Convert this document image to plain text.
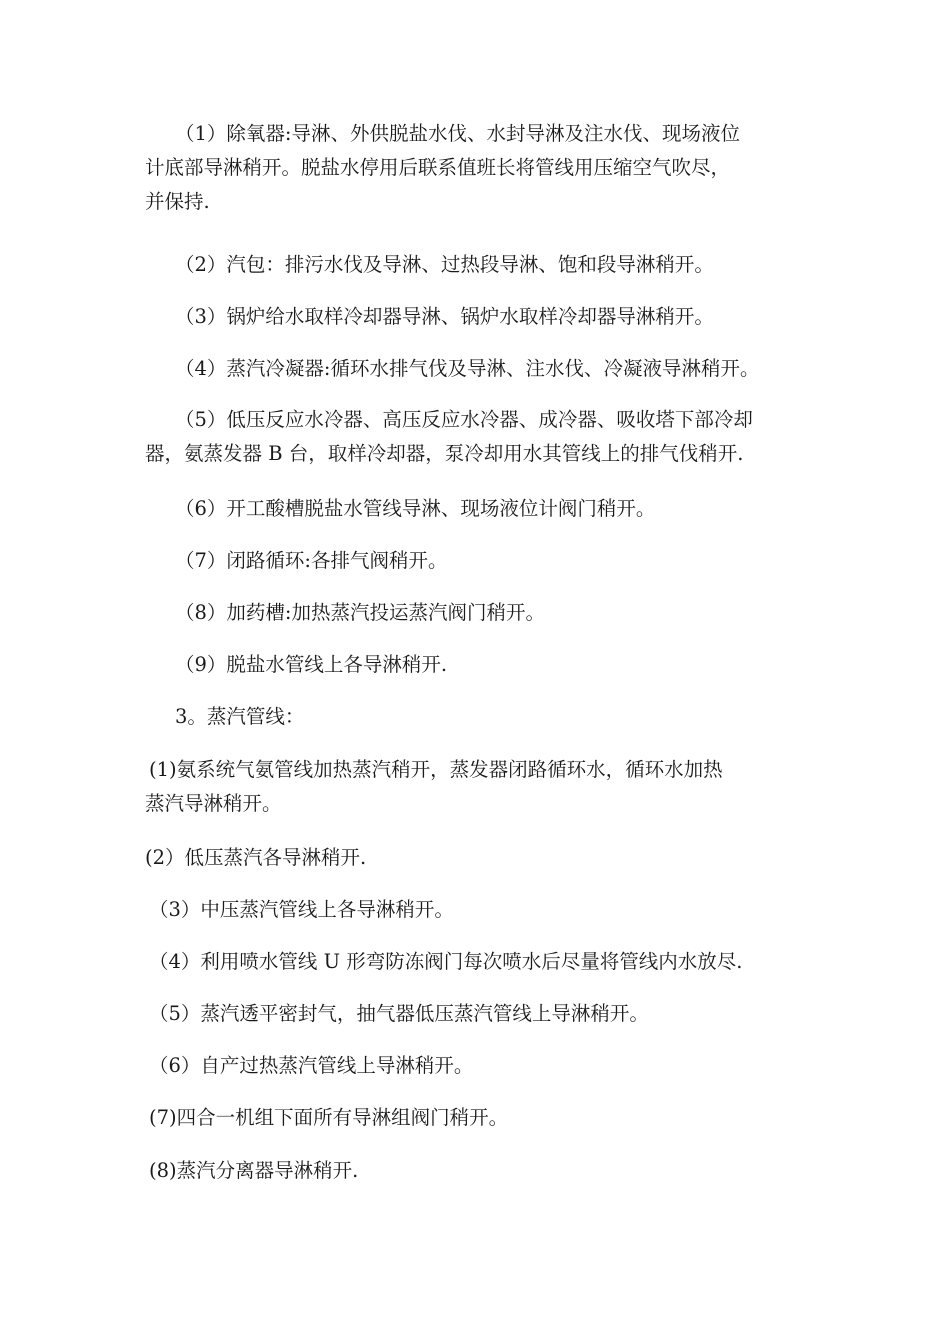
（1）除氧器:导淋、外供脱盐水伐、水封导淋及注水伐、现场液位
计底部导淋稍开。脱盐水停用后联系值班长将管线用压缩空气吹尽，
并保持.
（2）汽包：排污水伐及导淋、过热段导淋、饱和段导淋稍开。
（3）锅炉给水取样冷却器导淋、锅炉水取样冷却器导淋稍开。
（4）蒸汽冷凝器:循环水排气伐及导淋、注水伐、冷凝液导淋稍开。
（5）低压反应水冷器、高压反应水冷器、成冷器、吸收塔下部冷却
器，氨蒸发器 B 台，取样冷却器，泵冷却用水其管线上的排气伐稍开.
（6）开工酸槽脱盐水管线导淋、现场液位计阀门稍开。
（7）闭路循环:各排气阀稍开。
（8）加药槽:加热蒸汽投运蒸汽阀门稍开。
（9）脱盐水管线上各导淋稍开.
3。蒸汽管线：
(1)氨系统气氨管线加热蒸汽稍开，蒸发器闭路循环水，循环水加热
蒸汽导淋稍开。
(2）低压蒸汽各导淋稍开.
（3）中压蒸汽管线上各导淋稍开。
（4）利用喷水管线 U 形弯防冻阀门每次喷水后尽量将管线内水放尽.
（5）蒸汽透平密封气，抽气器低压蒸汽管线上导淋稍开。
（6）自产过热蒸汽管线上导淋稍开。
(7)四合一机组下面所有导淋组阀门稍开。
(8)蒸汽分离器导淋稍开.
